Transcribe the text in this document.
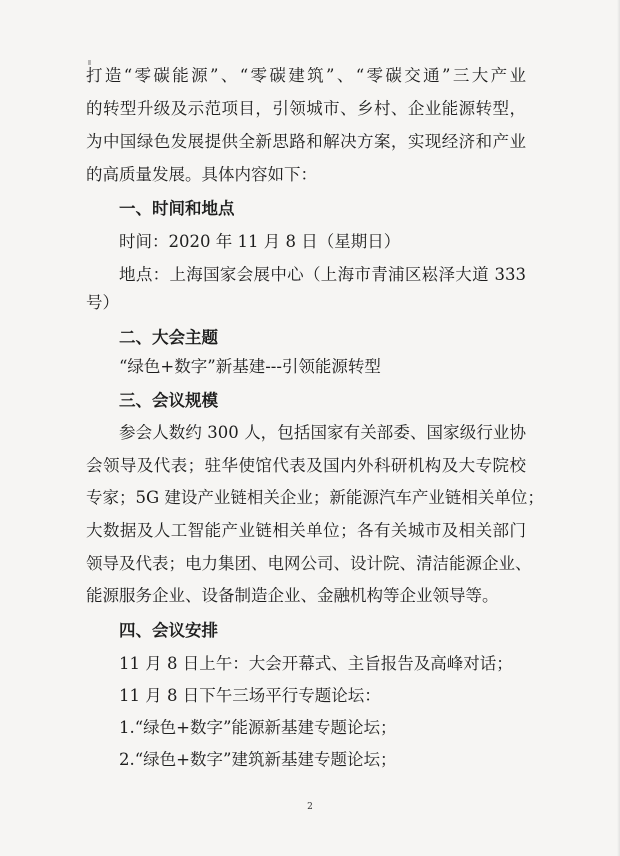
打造“零碳能源”、“零碳建筑”、“零碳交通”三大产业
的转型升级及示范项目，引领城市、乡村、企业能源转型，
为中国绿色发展提供全新思路和解决方案，实现经济和产业
的高质量发展。具体内容如下：
一、时间和地点
时间：2020 年 11 月 8 日（星期日）
地点：上海国家会展中心（上海市青浦区崧泽大道 333
号）
二、大会主题
“绿色+数字”新基建---引领能源转型
三、会议规模
参会人数约 300 人，包括国家有关部委、国家级行业协
会领导及代表；驻华使馆代表及国内外科研机构及大专院校
专家；5G 建设产业链相关企业；新能源汽车产业链相关单位；
大数据及人工智能产业链相关单位；各有关城市及相关部门
领导及代表；电力集团、电网公司、设计院、清洁能源企业、
能源服务企业、设备制造企业、金融机构等企业领导等。
四、会议安排
11 月 8 日上午：大会开幕式、主旨报告及高峰对话；
11 月 8 日下午三场平行专题论坛：
1.“绿色+数字”能源新基建专题论坛；
2.“绿色+数字”建筑新基建专题论坛；
2
